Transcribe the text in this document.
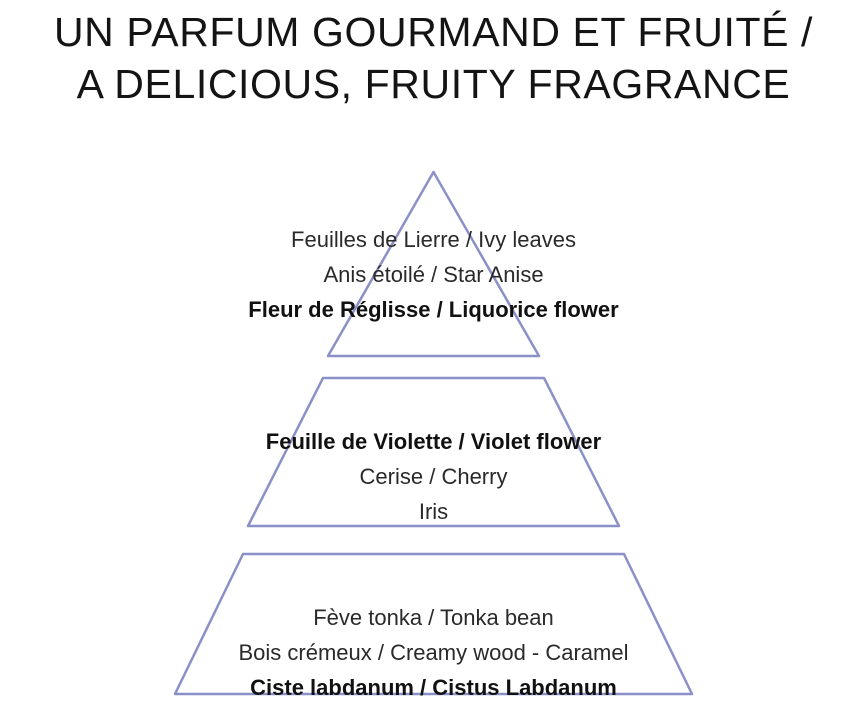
UN PARFUM GOURMAND ET FRUITÉ /
A DELICIOUS, FRUITY FRAGRANCE
Feuilles de Lierre / Ivy leaves
Anis étoilé / Star Anise
Fleur de Réglisse / Liquorice flower
Feuille de Violette / Violet flower
Cerise / Cherry
Iris
Fève tonka / Tonka bean
Bois crémeux / Creamy wood - Caramel
Ciste labdanum / Cistus Labdanum
